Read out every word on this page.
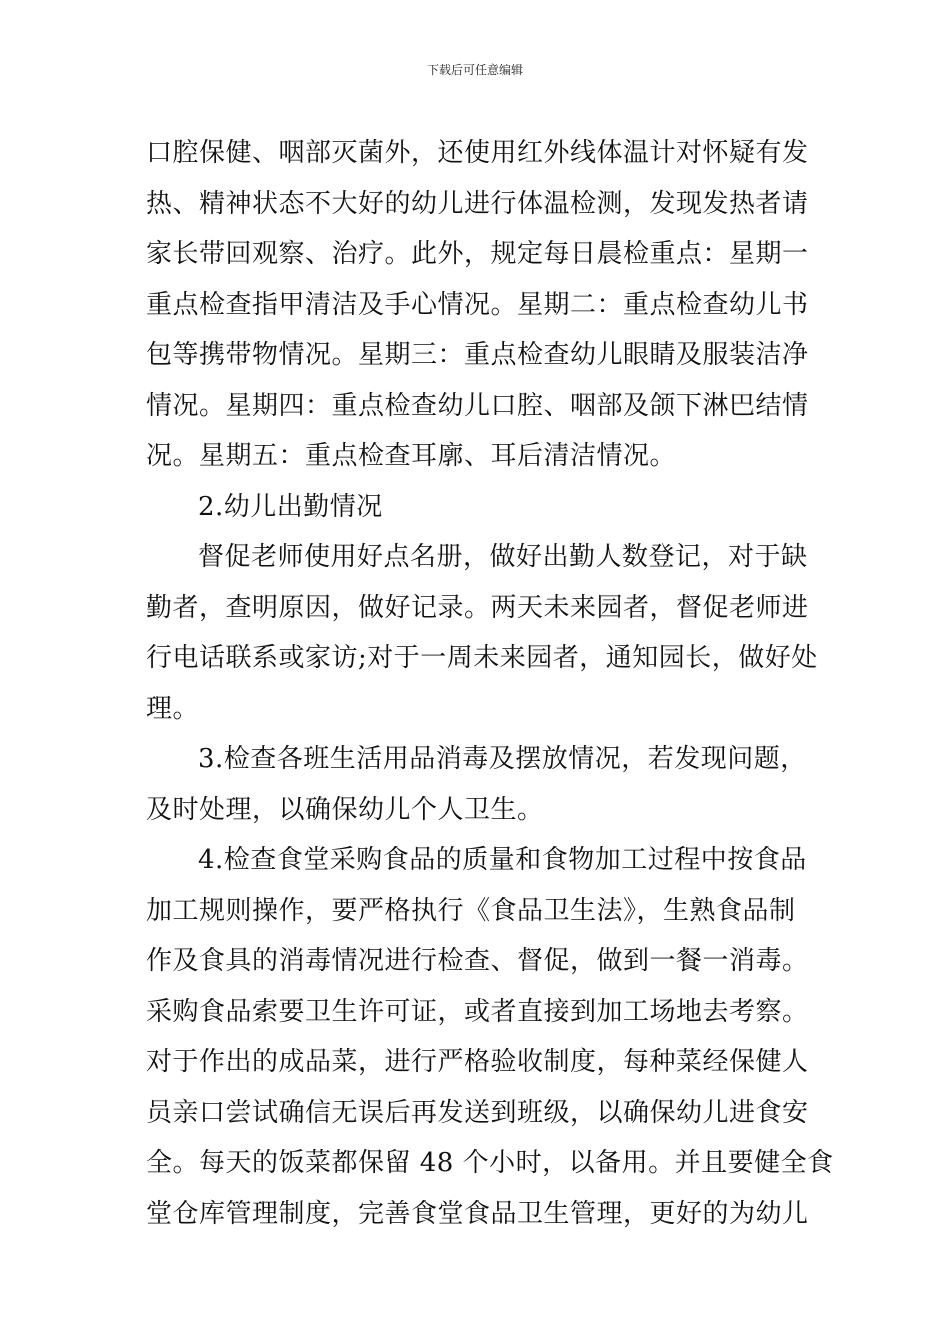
下载后可任意编辑
口腔保健、咽部灭菌外，还使用红外线体温计对怀疑有发
热、精神状态不大好的幼儿进行体温检测，发现发热者请
家长带回观察、治疗。此外，规定每日晨检重点：星期一
重点检查指甲清洁及手心情况。星期二：重点检查幼儿书
包等携带物情况。星期三：重点检查幼儿眼睛及服装洁净
情况。星期四：重点检查幼儿口腔、咽部及颌下淋巴结情
况。星期五：重点检查耳廓、耳后清洁情况。
2.幼儿出勤情况
督促老师使用好点名册，做好出勤人数登记，对于缺
勤者，查明原因，做好记录。两天未来园者，督促老师进
行电话联系或家访;对于一周未来园者，通知园长，做好处
理。
3.检查各班生活用品消毒及摆放情况，若发现问题，
及时处理，以确保幼儿个人卫生。
4.检查食堂采购食品的质量和食物加工过程中按食品
加工规则操作，要严格执行《食品卫生法》，生熟食品制
作及食具的消毒情况进行检查、督促，做到一餐一消毒。
采购食品索要卫生许可证，或者直接到加工场地去考察。
对于作出的成品菜，进行严格验收制度，每种菜经保健人
员亲口尝试确信无误后再发送到班级，以确保幼儿进食安
全。每天的饭菜都保留 48 个小时，以备用。并且要健全食
堂仓库管理制度，完善食堂食品卫生管理，更好的为幼儿
